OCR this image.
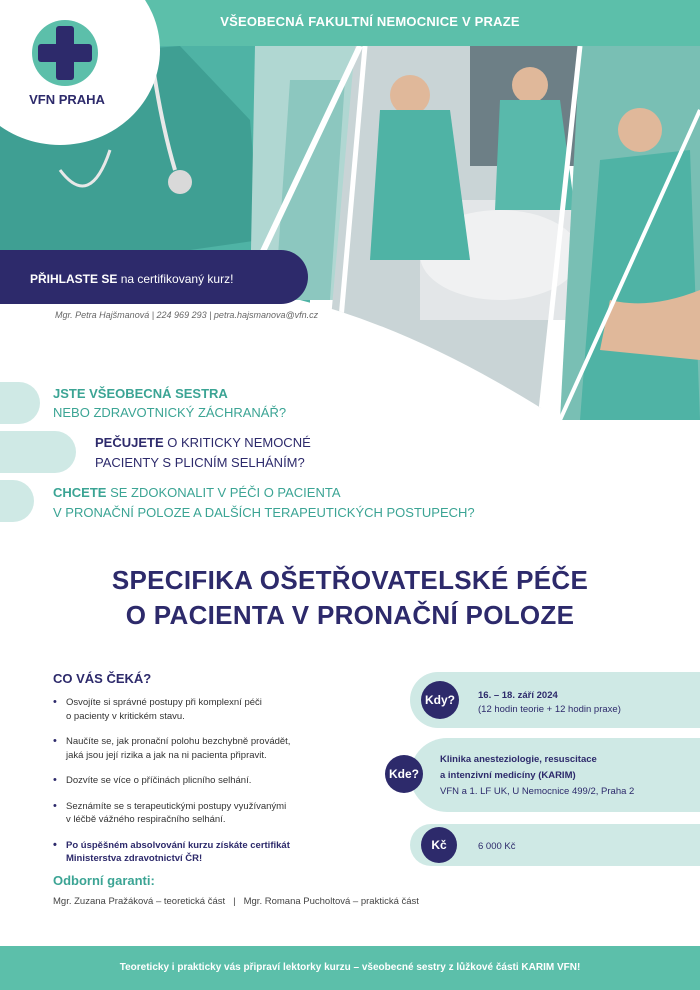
VŠEOBECNÁ FAKULTNÍ NEMOCNICE V PRAZE
VFN PRAHA
PŘIHLASTE SE na certifikovaný kurz!
Mgr. Petra Hajšmanová | 224 969 293 | petra.hajsmanova@vfn.cz
JSTE VŠEOBECNÁ SESTRA
NEBO ZDRAVOTNICKÝ ZÁCHRANÁŘ?
PEČUJETE O KRITICKY NEMOCNÉ
PACIENTY S PLICNÍM SELHÁNÍM?
CHCETE SE ZDOKONALIT V PÉČI O PACIENTA
V PRONAČNÍ POLOZE A DALŠÍCH TERAPEUTICKÝCH POSTUPECH?
SPECIFIKA OŠETŘOVATELSKÉ PÉČE
O PACIENTA V PRONAČNÍ POLOZE
CO VÁS ČEKÁ?
• Osvojíte si správné postupy při komplexní péči
o pacienty v kritickém stavu.
• Naučíte se, jak pronační polohu bezchybně provádět,
jaká jsou její rizika a jak na ni pacienta připravit.
• Dozvíte se více o příčinách plicního selhání.
• Seznámíte se s terapeutickými postupy využívanými
v léčbě vážného respiračního selhání.
• Po úspěšném absolvování kurzu získáte certifikát
Ministerstva zdravotnictví ČR!
Odborní garanti:
Mgr. Zuzana Pražáková – teoretická část | Mgr. Romana Pucholtová – praktická část
Kdy?	16. – 18. září 2024
(12 hodin teorie + 12 hodin praxe)
Kde?
Klinika anesteziologie, resuscitace
a intenzivní medicíny (KARIM)
VFN a 1. LF UK, U Nemocnice 499/2, Praha 2
Kč	6 000 Kč
Teoreticky i prakticky vás připraví lektorky kurzu – všeobecné sestry z lůžkové části KARIM VFN!
